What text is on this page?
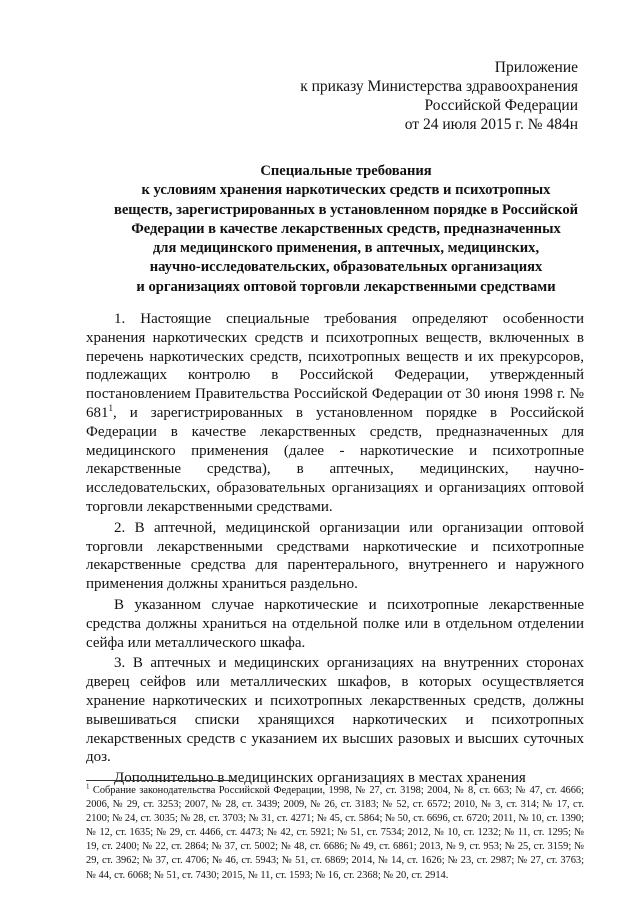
Приложение
к приказу Министерства здравоохранения
Российской Федерации
от 24 июля 2015 г. № 484н
Специальные требования
к условиям хранения наркотических средств и психотропных
веществ, зарегистрированных в установленном порядке в Российской
Федерации в качестве лекарственных средств, предназначенных
для медицинского применения, в аптечных, медицинских,
научно-исследовательских, образовательных организациях
и организациях оптовой торговли лекарственными средствами

1. Настоящие специальные требования определяют особенности хранения наркотических средств и психотропных веществ, включенных в перечень наркотических средств, психотропных веществ и их прекурсоров, подлежащих контролю в Российской Федерации, утвержденный постановлением Правительства Российской Федерации от 30 июня 1998 г. № $681^1$, и зарегистрированных в установленном порядке в Российской Федерации в качестве лекарственных средств, предназначенных для медицинского применения (далее - наркотические и психотропные лекарственные средства), в аптечных, медицинских, научно-исследовательских, образовательных организациях и организациях оптовой торговли лекарственными средствами.

2. В аптечной, медицинской организации или организации оптовой торговли лекарственными средствами наркотические и психотропные лекарственные средства для парентерального, внутреннего и наружного применения должны храниться раздельно.

В указанном случае наркотические и психотропные лекарственные средства должны храниться на отдельной полке или в отдельном отделении сейфа или металлического шкафа.

3. В аптечных и медицинских организациях на внутренних сторонах дверец сейфов или металлических шкафов, в которых осуществляется хранение наркотических и психотропных лекарственных средств, должны вывешиваться списки хранящихся наркотических и психотропных лекарственных средств с указанием их высших разовых и высших суточных доз.

Дополнительно в медицинских организациях в местах хранения

$^1$ Собрание законодательства Российской Федерации, 1998, № 27, ст. 3198; 2004, № 8, ст. 663; № 47, ст. 4666; 2006, № 29, ст. 3253; 2007, № 28, ст. 3439; 2009, № 26, ст. 3183; № 52, ст. 6572; 2010, № 3, ст. 314; № 17, ст. 2100; № 24, ст. 3035; № 28, ст. 3703; № 31, ст. 4271; № 45, ст. 5864; № 50, ст. 6696, ст. 6720; 2011, № 10, ст. 1390; № 12, ст. 1635; № 29, ст. 4466, ст. 4473; № 42, ст. 5921; № 51, ст. 7534; 2012, № 10, ст. 1232; № 11, ст. 1295; № 19, ст. 2400; № 22, ст. 2864; № 37, ст. 5002; № 48, ст. 6686; № 49, ст. 6861; 2013, № 9, ст. 953; № 25, ст. 3159; № 29, ст. 3962; № 37, ст. 4706; № 46, ст. 5943; № 51, ст. 6869; 2014, № 14, ст. 1626; № 23, ст. 2987; № 27, ст. 3763; № 44, ст. 6068; № 51, ст. 7430; 2015, № 11, ст. 1593; № 16, ст. 2368; № 20, ст. 2914.
